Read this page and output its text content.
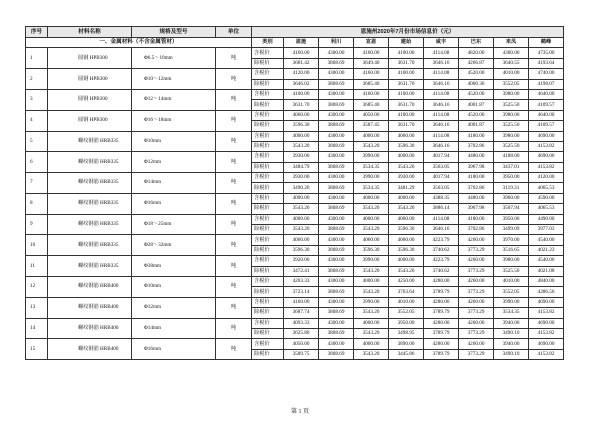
序号	材料名称	规格及型号	单位	恩施州2020年7月份市场信息价（元）								
一、金属材料（不含金属管材）				类别	恩施	利川	宣恩	建始	咸丰	巴东	来凤	鹤峰
1	圆钢 HPB300	Φ6.5～10mm	吨	含税价	4160.00	4300.00	4160.00	4100.00	4114.08	4820.00	4300.00	4735.00
				除税价	3681.42	3808.69	3649.40	3631.70	3646.16	4266.87	3640.55	4193.64
2	圆钢 HPB300	Φ10～12mm	吨	含税价	4120.00	4300.00	4160.00	4100.00	4114.08	4520.00	4010.00	4740.00
				除税价	3646.02	3808.69	3685.40	3631.70	3646.16	4000.36	3552.05	4198.07
3	圆钢 HPB300	Φ12～14mm	吨	含税价	4100.00	4300.00	4160.00	4100.00	4114.08	4520.00	3980.00	4640.00
				除税价	3631.70	3808.69	3685.40	3631.70	3646.16	4001.87	3525.50	4109.57
4	圆钢 HPB300	Φ16～18mm	吨	含税价	4060.00	4300.00	4050.00	4100.00	4114.08	4520.00	3980.00	4640.00
				除税价	3596.30	3808.69	3587.45	3631.70	3646.16	4001.87	3525.50	4109.57
5	螺纹钢筋 HRB335	Φ10mm	吨	含税价	4000.00	4300.00	4000.00	4060.00	4114.08	4180.00	3980.00	4690.00
				除税价	3543.20	3808.69	3543.20	3596.30	3646.16	3702.86	3525.50	4153.82
6	螺纹钢筋 HRB335	Φ12mm	吨	含税价	3930.00	4300.00	3990.00	4000.00	4017.94	4480.00	4188.00	4690.00
				除税价	3484.79	3808.69	3534.35	3543.20	3563.05	3967.98	3437.01	4153.82
7	螺纹钢筋 HRB335	Φ14mm	吨	含税价	3930.00	4300.00	3990.00	3930.00	4017.94	4180.00	3950.00	4120.00
				除税价	3490.20	3808.69	3534.35	3481.29	3563.05	3702.86	3119.31	4065.53
8	螺纹钢筋 HRB335	Φ16mm	吨	含税价	4000.00	4300.00	4000.00	4000.00	4388.35	4480.00	3960.00	4590.00
				除税价	3543.20	3808.69	3543.20	3543.20	3886.14	3967.98	3507.94	4065.53
9	螺纹钢筋 HRB335	Φ18～25mm	吨	含税价	4000.00	4300.00	4000.00	4060.00	4114.08	4180.00	3950.00	4490.00
				除税价	3543.20	3808.69	3543.20	3596.30	3646.16	3702.86	3499.09	3977.03
10	螺纹钢筋 HRB335	Φ28～32mm	吨	含税价	4060.00	4300.00	4060.00	4060.00	4223.79	4260.00	3970.00	4540.00
				除税价	3596.30	3808.69	3596.30	3596.30	3740.62	3773.29	3516.65	4021.23
11	螺纹钢筋 HRB335	Φ38mm	吨	含税价	3920.00	4300.00	3990.00	4000.00	4223.79	4260.00	3980.00	4540.00
				除税价	3472.41	3808.69	3543.20	3543.20	3740.62	3773.29	3525.50	4021.08
12	螺纹钢筋 HRB400	Φ10mm	吨	含税价	4203.33	4300.00	4000.00	4250.00	4280.00	4260.00	4010.00	4840.00
				除税价	3723.14	3808.69	3543.20	3763.64	3789.79	3773.29	3552.05	4286.56
13	螺纹钢筋 HRB400	Φ12mm	吨	含税价	4160.00	4300.00	3990.00	4010.00	4280.00	4260.00	3990.00	4690.00
				除税价	3687.74	3808.69	3543.20	3552.05	3789.79	3773.29	3534.35	4153.82
14	螺纹钢筋 HRB400	Φ14mm	吨	含税价	4093.33	4300.00	4000.00	3950.00	4280.00	4260.00	3940.00	4690.00
				除税价	3625.80	3808.69	3543.20	3498.95	3789.79	3773.29	3490.10	4153.82
15	螺纹钢筋 HRB400	Φ16mm	吨	含税价	4050.00	4300.00	4000.00	3890.00	4280.00	4260.00	3940.00	4690.00
				除税价	3589.75	3808.69	3543.20	3445.86	3789.79	3773.29	3490.10	4153.82
第 1 页
